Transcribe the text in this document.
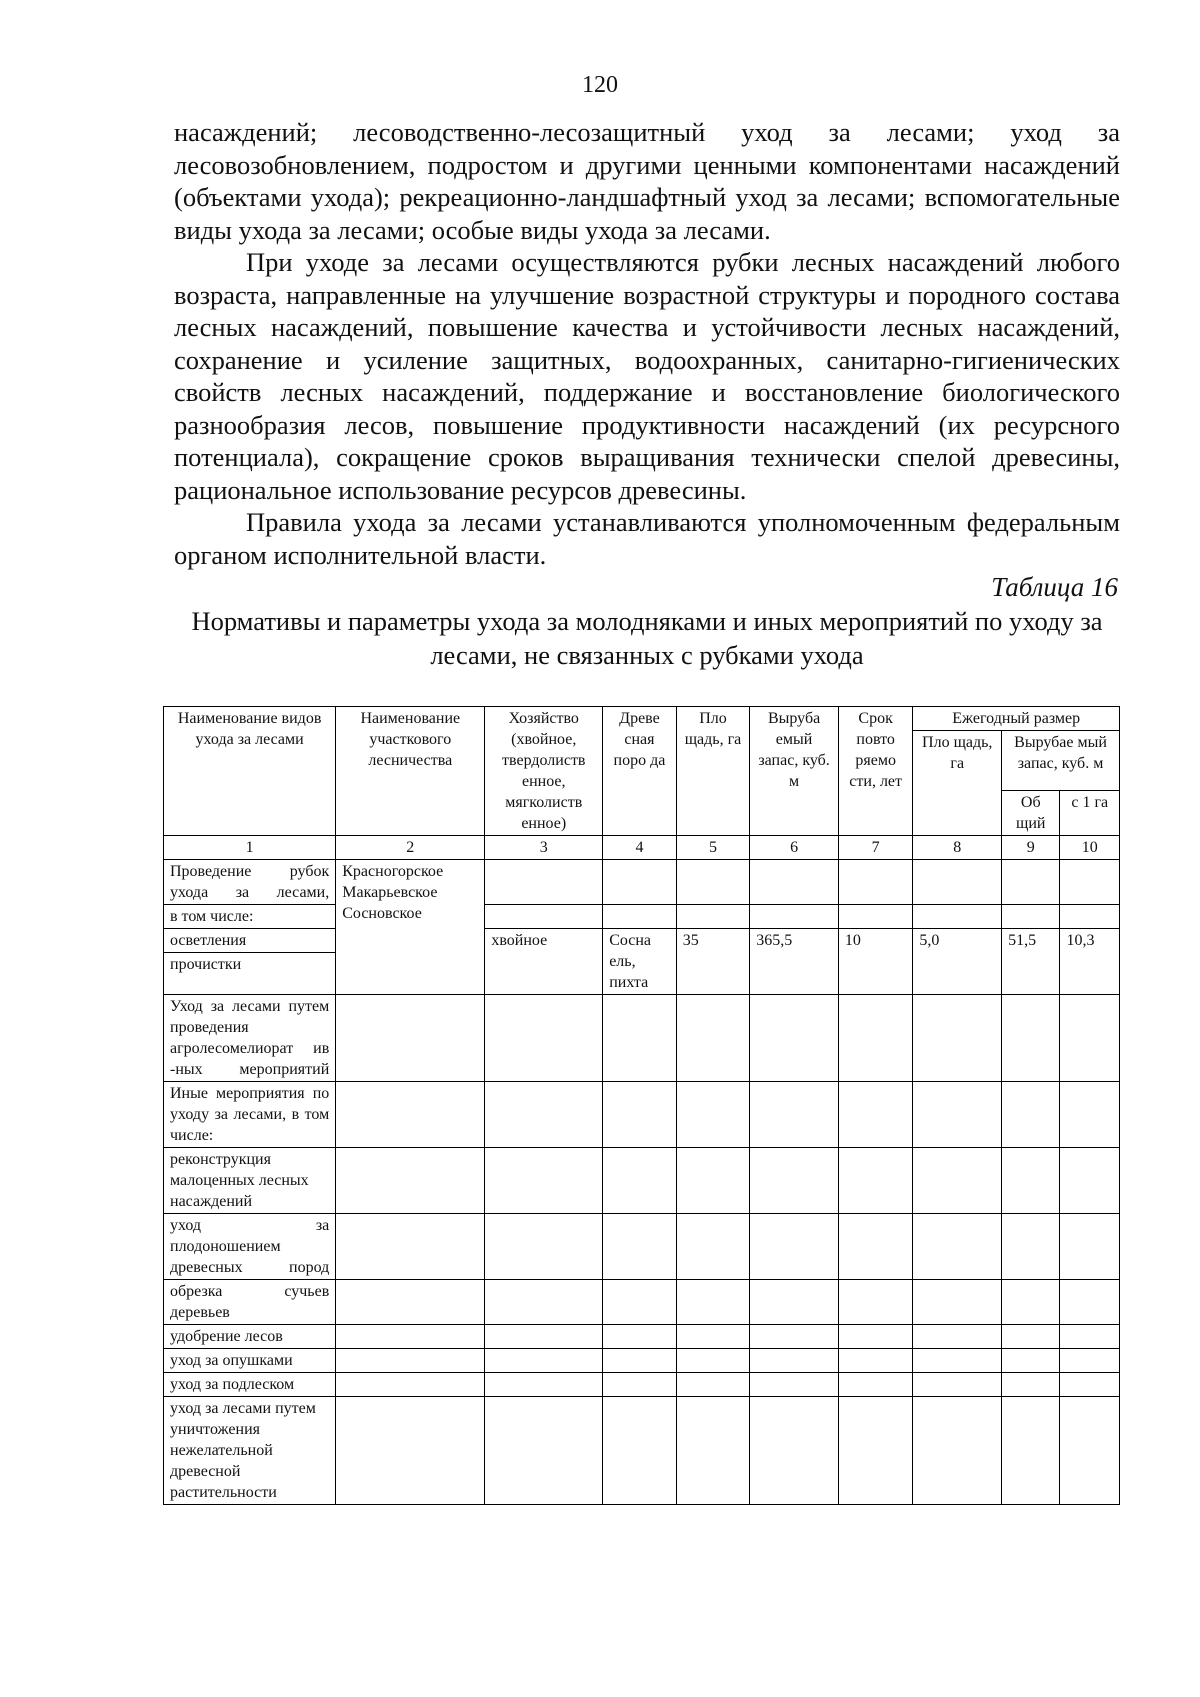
120

насаждений; лесоводственно-лесозащитный уход за лесами; уход за лесовозобновлением, подростом и другими ценными компонентами насаждений (объектами ухода); рекреационно-ландшафтный уход за лесами; вспомогательные виды ухода за лесами; особые виды ухода за лесами.

При уходе за лесами осуществляются рубки лесных насаждений любого возраста, направленные на улучшение возрастной структуры и породного состава лесных насаждений, повышение качества и устойчивости лесных насаждений, сохранение и усиление защитных, водоохранных, санитарно-гигиенических свойств лесных насаждений, поддержание и восстановление биологического разнообразия лесов, повышение продуктивности насаждений (их ресурсного потенциала), сокращение сроков выращивания технически спелой древесины, рациональное использование ресурсов древесины.

Правила ухода за лесами устанавливаются уполномоченным федеральным органом исполнительной власти.

Таблица 16
Нормативы и параметры ухода за молодняками и иных мероприятий по уходу за лесами, не связанных с рубками ухода
Наименование видов ухода за лесами	Наименование участкового лесничества	Хозяйство (хвойное, твердолиств енное, мягколиств енное)	Древе сная поро да	Пло щадь, га	Выруба емый запас, куб. м	Срок повто ряемо сти, лет	Ежегодный размер		
							Пло щадь, га	Вырубае мый запас, куб. м	
								Об щий	с 1 га
1	2	3	4	5	6	7	8	9	10
Проведение рубок ухода за лесами,	Красногорское Макарьевское Сосновское								
в том числе:									
осветления		хвойное	Сосна ель, пихта	35	365,5	10	5,0	51,5	10,3
прочистки									
Уход за лесами путем проведения агролесомелиорат ив -ных мероприятий									
Иные мероприятия по уходу за лесами, в том числе:									
реконструкция малоценных лесных насаждений									
уход за плодоношением древесных пород									
обрезка сучьев деревьев									
удобрение лесов									
уход за опушками									
уход за подлеском									
уход за лесами путем уничтожения нежелательной древесной растительности									
